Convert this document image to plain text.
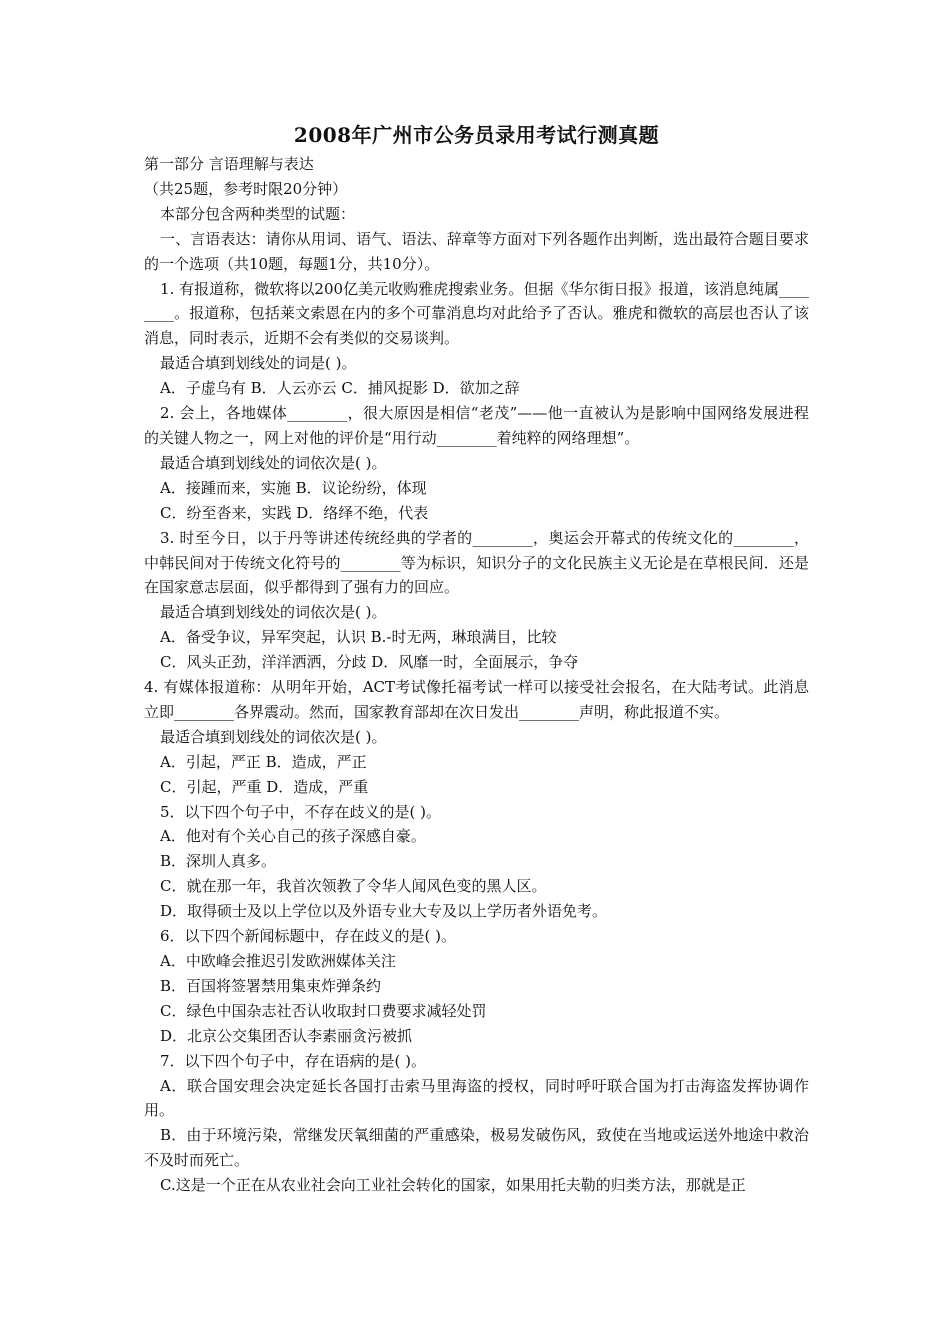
2008年广州市公务员录用考试行测真题

第一部分 言语理解与表达

（共25题，参考时限20分钟）

本部分包含两种类型的试题：

一、言语表达：请你从用词、语气、语法、辞章等方面对下列各题作出判断，选出最符合题目要求的一个选项（共10题，每题1分，共10分）。

1. 有报道称，微软将以200亿美元收购雅虎搜索业务。但据《华尔街日报》报道，该消息纯属________。报道称，包括莱文索恩在内的多个可靠消息均对此给予了否认。雅虎和微软的高层也否认了该消息，同时表示，近期不会有类似的交易谈判。

最适合填到划线处的词是( )。

A．子虚乌有 B．人云亦云 C．捕风捉影 D．欲加之辞

2. 会上，各地媒体________，很大原因是相信“老茂”——他一直被认为是影响中国网络发展进程的关键人物之一，网上对他的评价是“用行动________着纯粹的网络理想”。

最适合填到划线处的词依次是( )。

A．接踵而来，实施 B．议论纷纷，体现

C．纷至沓来，实践 D．络绎不绝，代表

3. 时至今日，以于丹等讲述传统经典的学者的________，奥运会开幕式的传统文化的________，中韩民间对于传统文化符号的________等为标识，知识分子的文化民族主义无论是在草根民间．还是在国家意志层面，似乎都得到了强有力的回应。

最适合填到划线处的词依次是( )。

A．备受争议，异军突起，认识 B.-时无两，琳琅满目，比较

C．风头正劲，洋洋洒洒，分歧 D．风靡一时，全面展示，争夺

4. 有媒体报道称：从明年开始，ACT考试像托福考试一样可以接受社会报名，在大陆考试。此消息立即________各界震动。然而，国家教育部却在次日发出________声明，称此报道不实。

最适合填到划线处的词依次是( )。

A．引起，严正 B．造成，严正

C．引起，严重 D．造成，严重

5．以下四个句子中，不存在歧义的是( )。

A．他对有个关心自己的孩子深感自豪。

B．深圳人真多。

C．就在那一年，我首次领教了令华人闻风色变的黑人区。

D．取得硕士及以上学位以及外语专业大专及以上学历者外语免考。

6．以下四个新闻标题中，存在歧义的是( )。

A．中欧峰会推迟引发欧洲媒体关注

B．百国将签署禁用集束炸弹条约

C．绿色中国杂志社否认收取封口费要求减轻处罚

D．北京公交集团否认李素丽贪污被抓

7．以下四个句子中，存在语病的是( )。

A．联合国安理会决定延长各国打击索马里海盗的授权，同时呼吁联合国为打击海盗发挥协调作用。

B．由于环境污染，常继发厌氧细菌的严重感染，极易发破伤风，致使在当地或运送外地途中救治不及时而死亡。

C.这是一个正在从农业社会向工业社会转化的国家，如果用托夫勒的归类方法，那就是正
